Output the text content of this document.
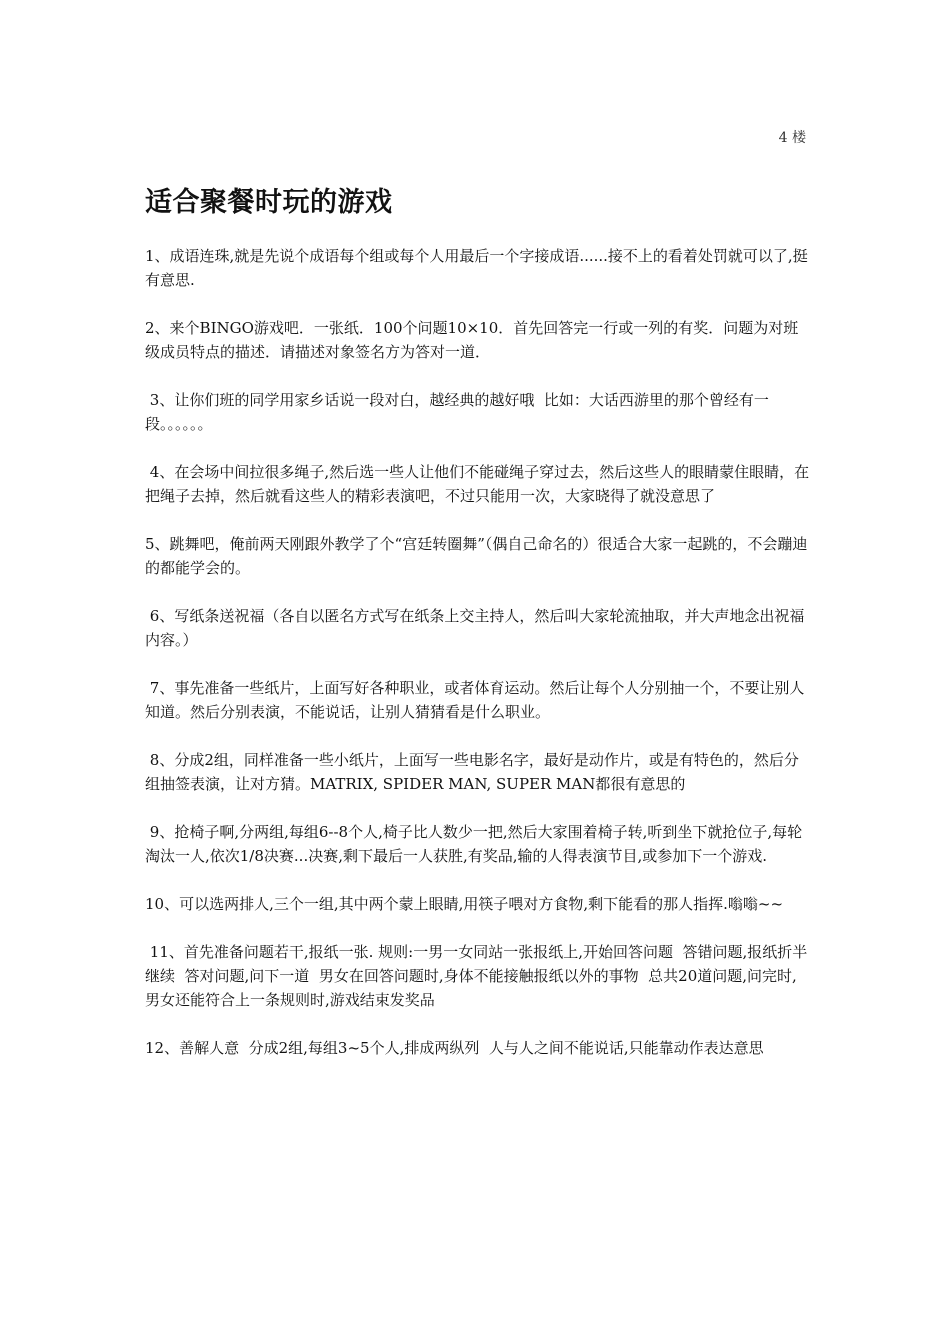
4 楼
适合聚餐时玩的游戏
1、成语连珠,就是先说个成语每个组或每个人用最后一个字接成语......接不上的看着处罚就可以了,挺有意思.
2、来个BINGO游戏吧．一张纸．100个问题10×10．首先回答完一行或一列的有奖．问题为对班级成员特点的描述．请描述对象签名方为答对一道．
3、让你们班的同学用家乡话说一段对白，越经典的越好哦  比如：大话西游里的那个曾经有一段。。。。。。
4、在会场中间拉很多绳子,然后选一些人让他们不能碰绳子穿过去，然后这些人的眼睛蒙住眼睛，在把绳子去掉，然后就看这些人的精彩表演吧，不过只能用一次，大家晓得了就没意思了
5、跳舞吧，俺前两天刚跟外教学了个“宫廷转圈舞”（偶自己命名的）很适合大家一起跳的，不会蹦迪的都能学会的。
6、写纸条送祝福（各自以匿名方式写在纸条上交主持人，然后叫大家轮流抽取，并大声地念出祝福内容。）
7、事先准备一些纸片，上面写好各种职业，或者体育运动。然后让每个人分别抽一个，不要让别人知道。然后分别表演，不能说话，让别人猜猜看是什么职业。
8、分成2组，同样准备一些小纸片，上面写一些电影名字，最好是动作片，或是有特色的，然后分组抽签表演，让对方猜。MATRIX, SPIDER MAN, SUPER MAN都很有意思的
9、抢椅子啊,分两组,每组6--8个人,椅子比人数少一把,然后大家围着椅子转,听到坐下就抢位子,每轮淘汰一人,依次1/8决赛...决赛,剩下最后一人获胜,有奖品,输的人得表演节目,或参加下一个游戏.
10、可以选两排人,三个一组,其中两个蒙上眼睛,用筷子喂对方食物,剩下能看的那人指挥.嗡嗡~~
11、首先准备问题若干,报纸一张. 规则:一男一女同站一张报纸上,开始回答问题  答错问题,报纸折半继续  答对问题,问下一道  男女在回答问题时,身体不能接触报纸以外的事物  总共20道问题,问完时,男女还能符合上一条规则时,游戏结束发奖品
12、善解人意  分成2组,每组3~5个人,排成两纵列  人与人之间不能说话,只能靠动作表达意思
